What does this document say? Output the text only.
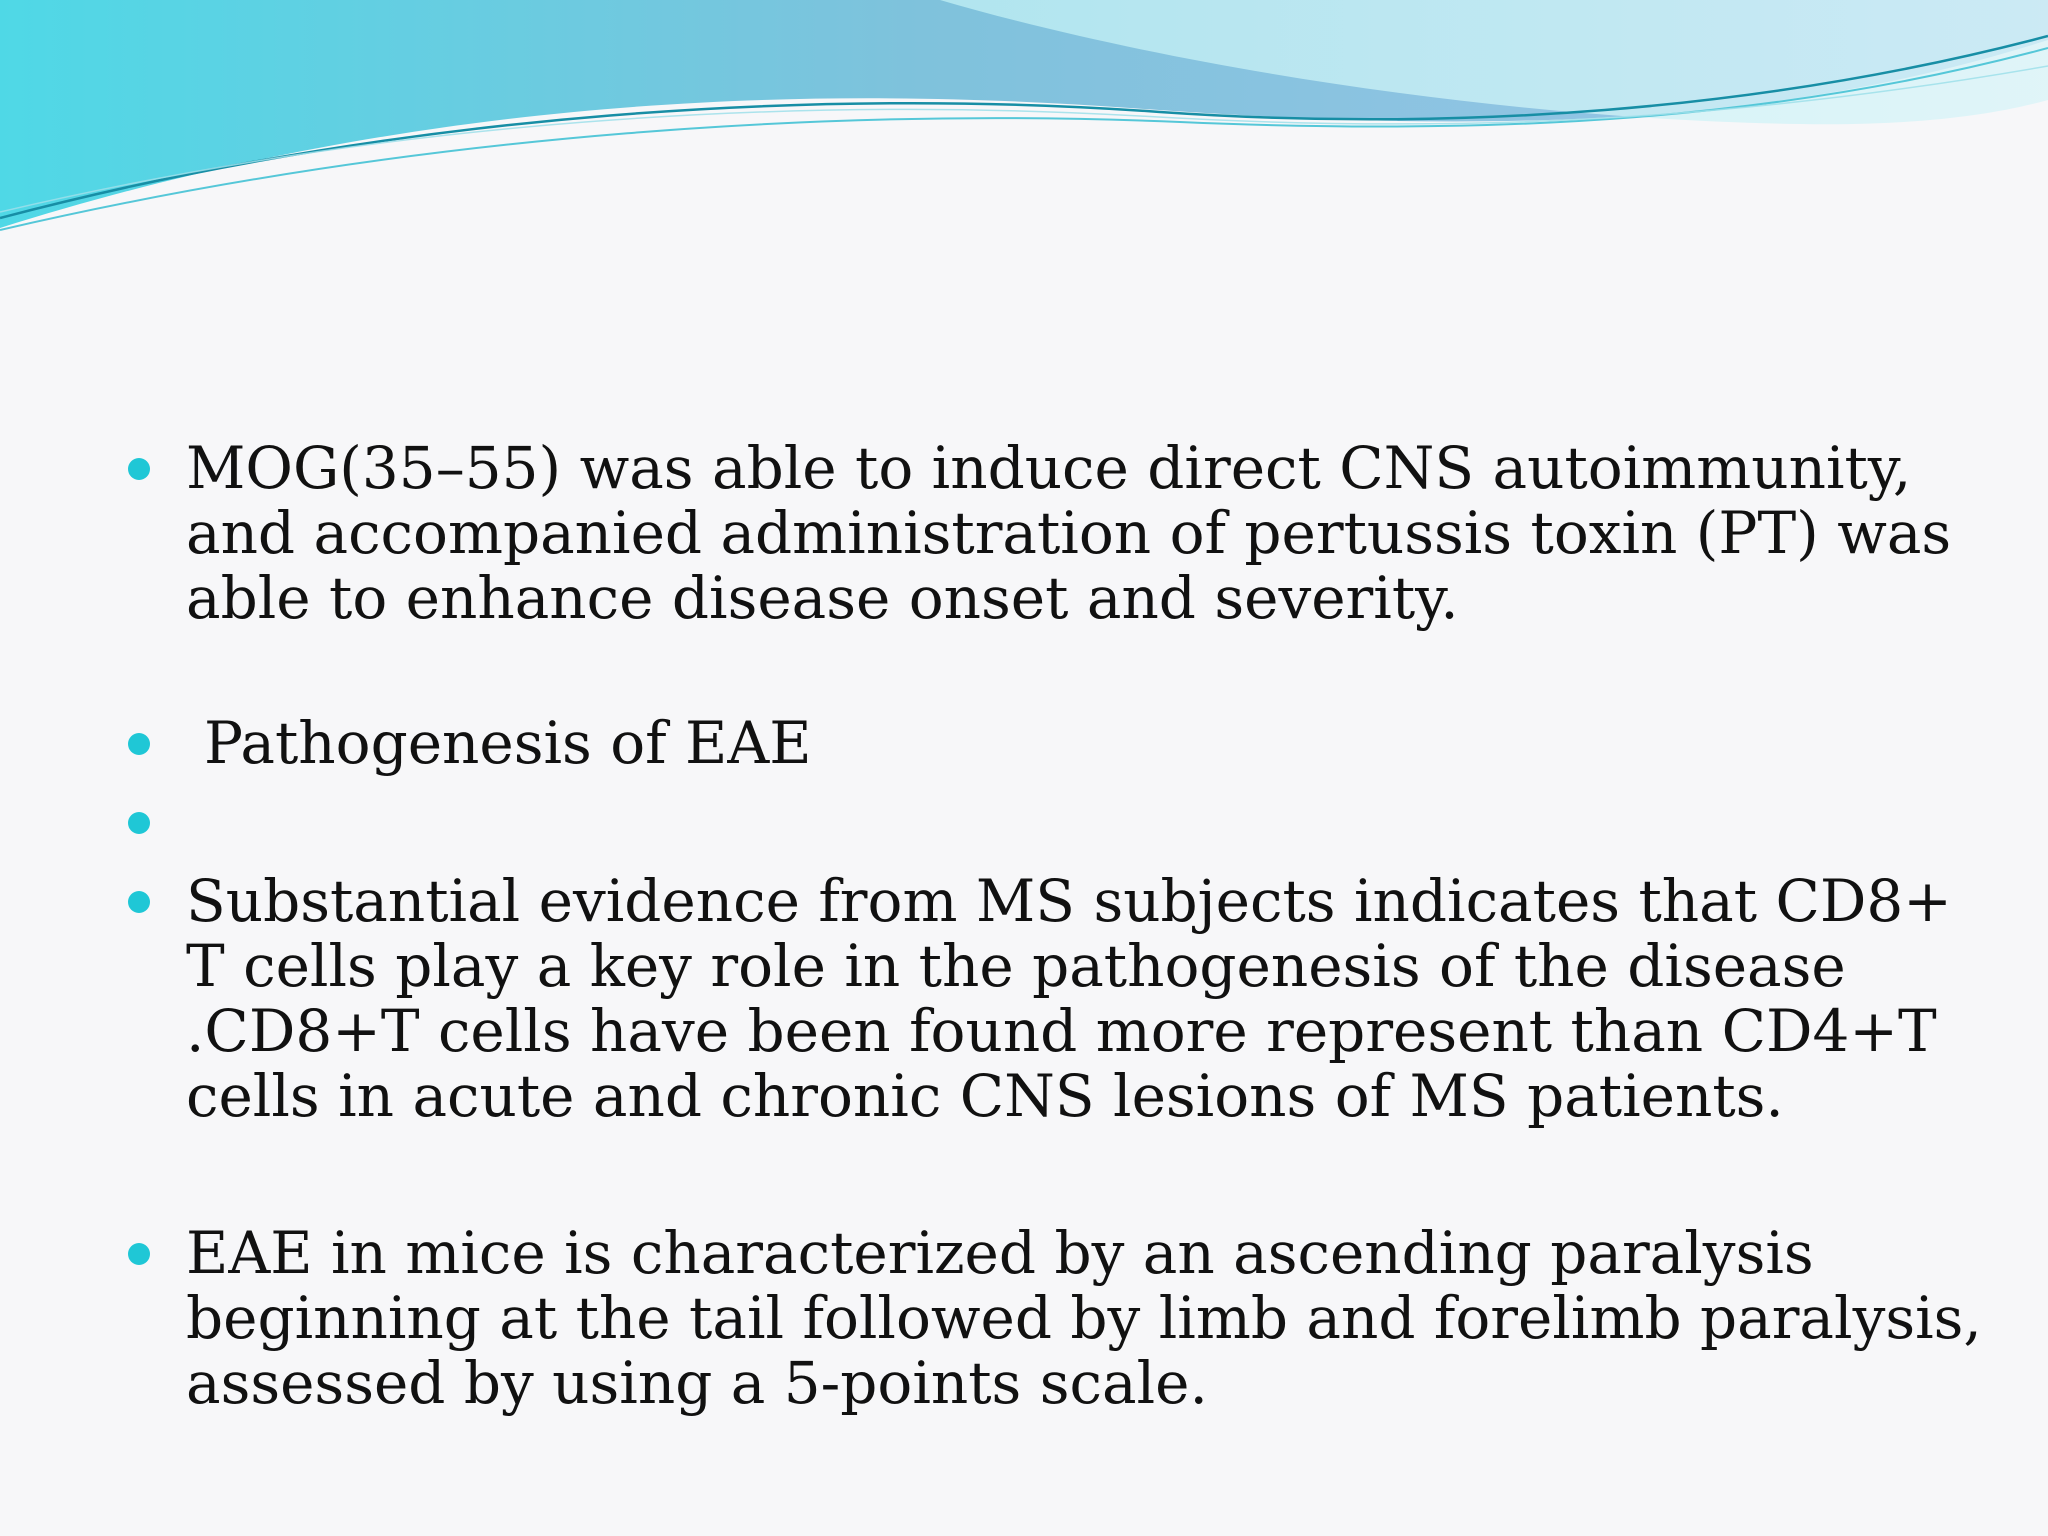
MOG(35–55) was able to induce direct CNS autoimmunity, and accompanied administration of pertussis toxin (PT) was able to enhance disease onset and severity.
Pathogenesis of EAE
Substantial evidence from MS subjects indicates that CD8+ T cells play a key role in the pathogenesis of the disease .CD8+T cells have been found more represent than CD4+T cells in acute and chronic CNS lesions of MS patients.
EAE in mice is characterized by an ascending paralysis beginning at the tail followed by limb and forelimb paralysis, assessed by using a 5-points scale.
